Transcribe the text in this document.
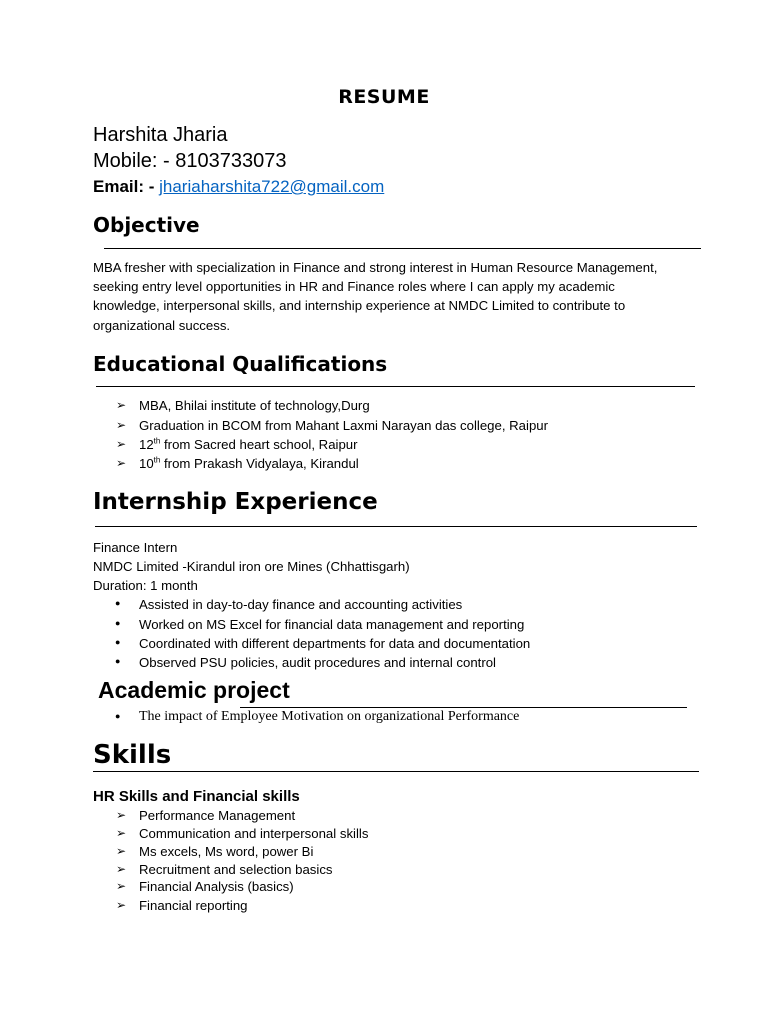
RESUME
Harshita Jharia
Mobile: - 8103733073
Email: - jhariaharshita722@gmail.com
Objective
MBA fresher with specialization in Finance and strong interest in Human Resource Management, seeking entry level opportunities in HR and Finance roles where I can apply my academic knowledge, interpersonal skills, and internship experience at NMDC Limited to contribute to organizational success.
Educational Qualifications
➢ MBA, Bhilai institute of technology,Durg
➢ Graduation in BCOM from Mahant Laxmi Narayan das college, Raipur
➢ 12th from Sacred heart school, Raipur
➢ 10th from Prakash Vidyalaya, Kirandul
Internship Experience
Finance Intern
NMDC Limited -Kirandul iron ore Mines (Chhattisgarh)
Duration: 1 month
● Assisted in day-to-day finance and accounting activities
● Worked on MS Excel for financial data management and reporting
● Coordinated with different departments for data and documentation
● Observed PSU policies, audit procedures and internal control
Academic project
● The impact of Employee Motivation on organizational Performance
Skills
HR Skills and Financial skills
➢ Performance Management
➢ Communication and interpersonal skills
➢ Ms excels, Ms word, power Bi
➢ Recruitment and selection basics
➢ Financial Analysis (basics)
➢ Financial reporting
